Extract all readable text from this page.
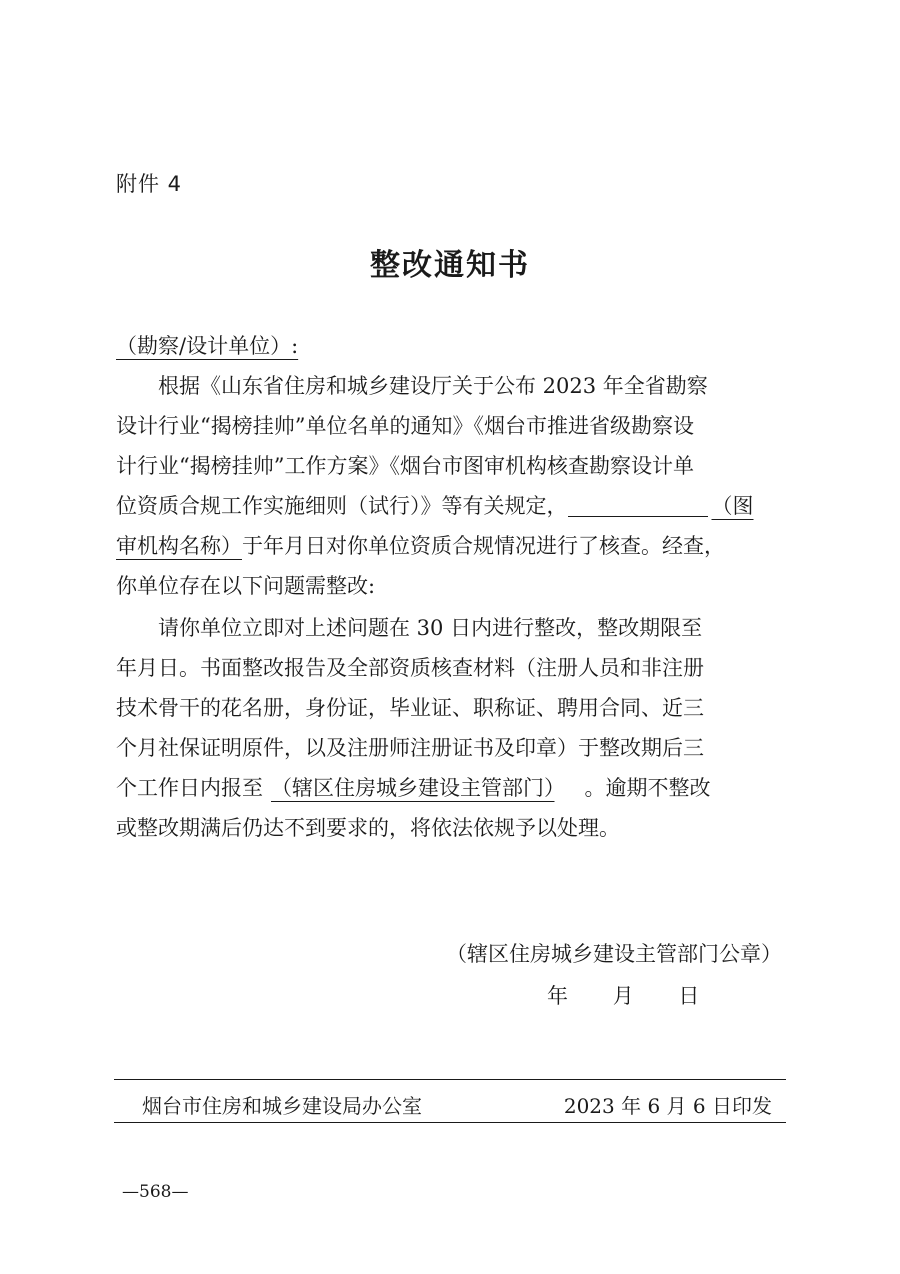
附件 4
整改通知书
（勘察/设计单位）:
根据《山东省住房和城乡建设厅关于公布 2023 年全省勘察
设计行业“揭榜挂帅”单位名单的通知》《烟台市推进省级勘察设
计行业“揭榜挂帅”工作方案》《烟台市图审机构核查勘察设计单
位资质合规工作实施细则（试行）》等有关规定，	（图
审机构名称）于年月日对你单位资质合规情况进行了核查。经查，
你单位存在以下问题需整改:
请你单位立即对上述问题在 30 日内进行整改，整改期限至
年月日。书面整改报告及全部资质核查材料（注册人员和非注册
技术骨干的花名册，身份证，毕业证、职称证、聘用合同、近三
个月社保证明原件，以及注册师注册证书及印章）于整改期后三
个工作日内报至 （辖区住房城乡建设主管部门） 。逾期不整改
或整改期满后仍达不到要求的，将依法依规予以处理。
（辖区住房城乡建设主管部门公章）
年 月 日
烟台市住房和城乡建设局办公室	2023 年 6 月 6 日印发
—568—
